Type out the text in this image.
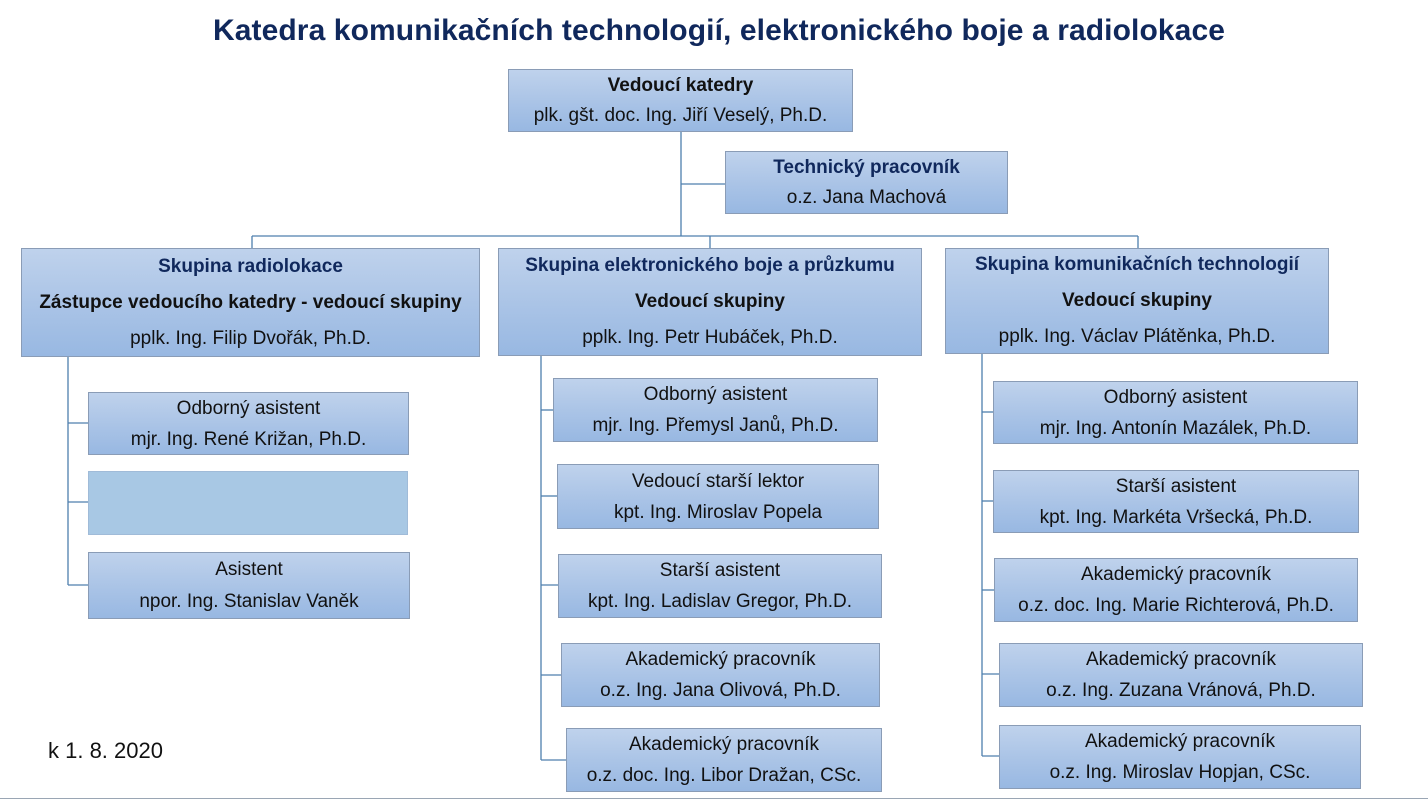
Katedra komunikačních technologií, elektronického boje a radiolokace
Vedoucí katedry
plk. gšt. doc. Ing. Jiří Veselý, Ph.D.
Technický pracovník
o.z. Jana Machová
Skupina radiolokace
Zástupce vedoucího katedry - vedoucí skupiny
pplk. Ing. Filip Dvořák, Ph.D.
Skupina elektronického boje a průzkumu
Vedoucí skupiny
pplk. Ing. Petr Hubáček, Ph.D.
Skupina komunikačních technologií
Vedoucí skupiny
pplk. Ing. Václav Plátěnka, Ph.D.
Odborný asistent
mjr. Ing. René Križan, Ph.D.
Asistent
npor. Ing. Stanislav Vaněk
Odborný asistent
mjr. Ing. Přemysl Janů, Ph.D.
Vedoucí starší lektor
kpt. Ing. Miroslav Popela
Starší asistent
kpt. Ing. Ladislav Gregor, Ph.D.
Akademický pracovník
o.z. Ing. Jana Olivová, Ph.D.
Akademický pracovník
o.z. doc. Ing. Libor Dražan, CSc.
Odborný asistent
mjr. Ing. Antonín Mazálek, Ph.D.
Starší asistent
kpt. Ing. Markéta Vršecká, Ph.D.
Akademický pracovník
o.z. doc. Ing. Marie Richterová, Ph.D.
Akademický pracovník
o.z. Ing. Zuzana Vránová, Ph.D.
Akademický pracovník
o.z. Ing. Miroslav Hopjan, CSc.
k 1. 8. 2020
